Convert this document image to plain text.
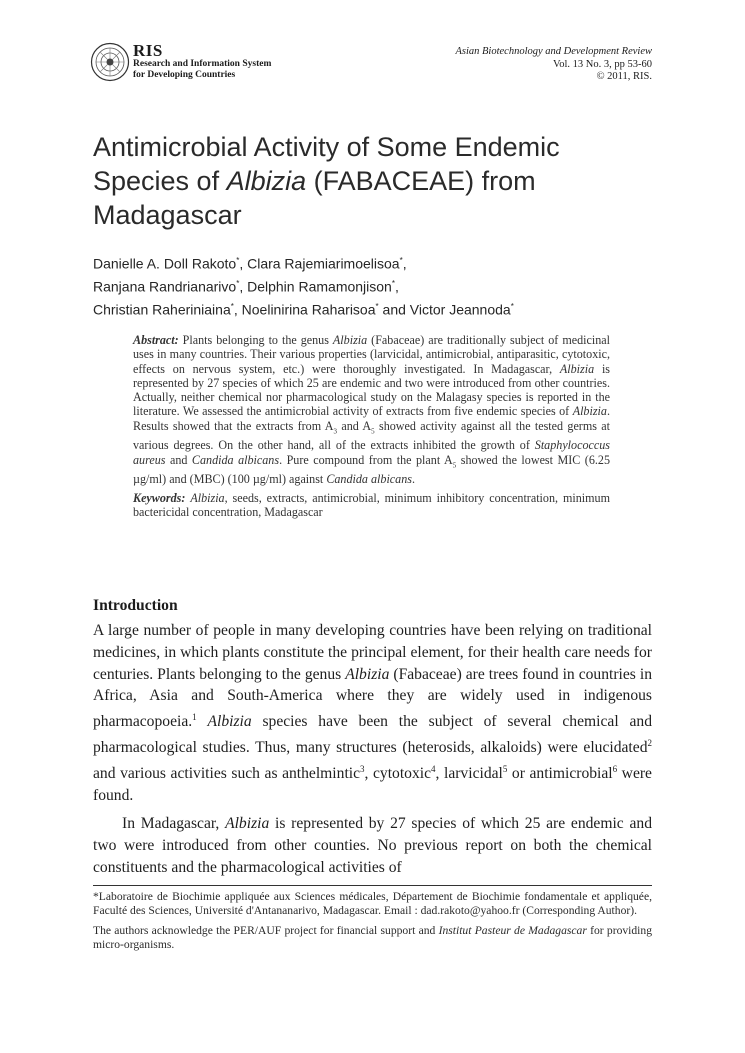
RIS
Research and Information System
for Developing Countries
Asian Biotechnology and Development Review
Vol. 13 No. 3, pp 53-60
© 2011, RIS.
Antimicrobial Activity of Some Endemic Species of Albizia (FABACEAE) from Madagascar
Danielle A. Doll Rakoto*, Clara Rajemiarimoelisoa*,
Ranjana Randrianarivo*, Delphin Ramamonjison*,
Christian Raheriniaina*, Noelinirina Raharisoa* and Victor Jeannoda*

Abstract: Plants belonging to the genus Albizia (Fabaceae) are traditionally subject of medicinal uses in many countries. Their various properties (larvicidal, antimicrobial, antiparasitic, cytotoxic, effects on nervous system, etc.) were thoroughly investigated. In Madagascar, Albizia is represented by 27 species of which 25 are endemic and two were introduced from other countries. Actually, neither chemical nor pharmacological study on the Malagasy species is reported in the literature. We assessed the antimicrobial activity of extracts from five endemic species of Albizia. Results showed that the extracts from $A_3$ and $A_5$ showed activity against all the tested germs at various degrees. On the other hand, all of the extracts inhibited the growth of Staphylococcus aureus and Candida albicans. Pure compound from the plant $A_5$ showed the lowest MIC (6.25 µg/ml) and (MBC) (100 µg/ml) against Candida albicans.

Keywords: Albizia, seeds, extracts, antimicrobial, minimum inhibitory concentration, minimum bactericidal concentration, Madagascar

Introduction

A large number of people in many developing countries have been relying on traditional medicines, in which plants constitute the principal element, for their health care needs for centuries. Plants belonging to the genus Albizia (Fabaceae) are trees found in countries in Africa, Asia and South-America where they are widely used in indigenous pharmacopoeia.$^1$ Albizia species have been the subject of several chemical and pharmacological studies. Thus, many structures (heterosids, alkaloids) were elucidated$^2$ and various activities such as anthelmintic$^3$, cytotoxic$^4$, larvicidal$^5$ or antimicrobial$^6$ were found.

In Madagascar, Albizia is represented by 27 species of which 25 are endemic and two were introduced from other counties. No previous report on both the chemical constituents and the pharmacological activities of

*Laboratoire de Biochimie appliquée aux Sciences médicales, Département de Biochimie fondamentale et appliquée, Faculté des Sciences, Université d'Antananarivo, Madagascar. Email : dad.rakoto@yahoo.fr (Corresponding Author).

The authors acknowledge the PER/AUF project for financial support and Institut Pasteur de Madagascar for providing micro-organisms.
